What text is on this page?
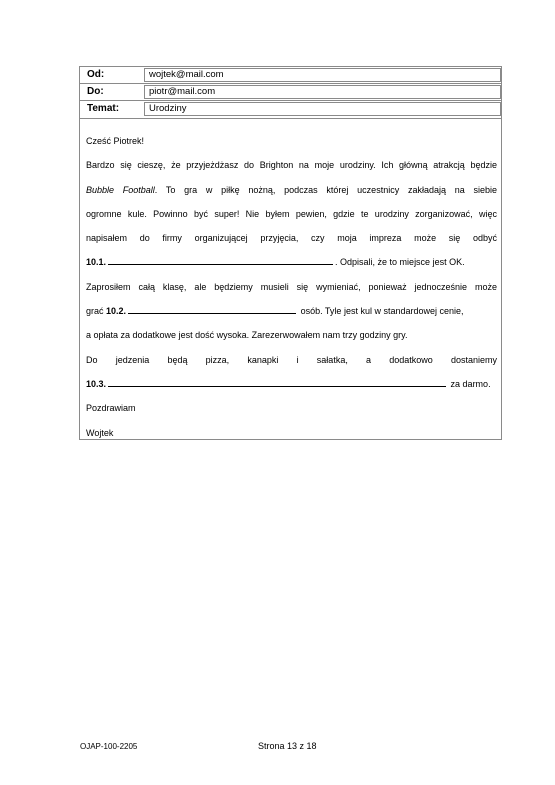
Od:	wojtek@mail.com
Do:	piotr@mail.com
Temat:	Urodziny
Cześć Piotrek!
Bardzo się cieszę, że przyjeżdżasz do Brighton na moje urodziny. Ich główną atrakcją będzie
Bubble Football. To gra w piłkę nożną, podczas której uczestnicy zakładają na siebie
ogromne kule. Powinno być super! Nie byłem pewien, gdzie te urodziny zorganizować, więc
napisałem do firmy organizującej przyjęcia, czy moja impreza może się odbyć
10.1.	. Odpisali, że to miejsce jest OK.
Zaprosiłem całą klasę, ale będziemy musieli się wymieniać, ponieważ jednocześnie może
grać 10.2.	osób. Tyle jest kul w standardowej cenie,
a opłata za dodatkowe jest dość wysoka. Zarezerwowałem nam trzy godziny gry.
Do jedzenia będą pizza, kanapki i sałatka, a dodatkowo dostaniemy
10.3.	za darmo.
Pozdrawiam
Wojtek
OJAP-100-2205	Strona 13 z 18
